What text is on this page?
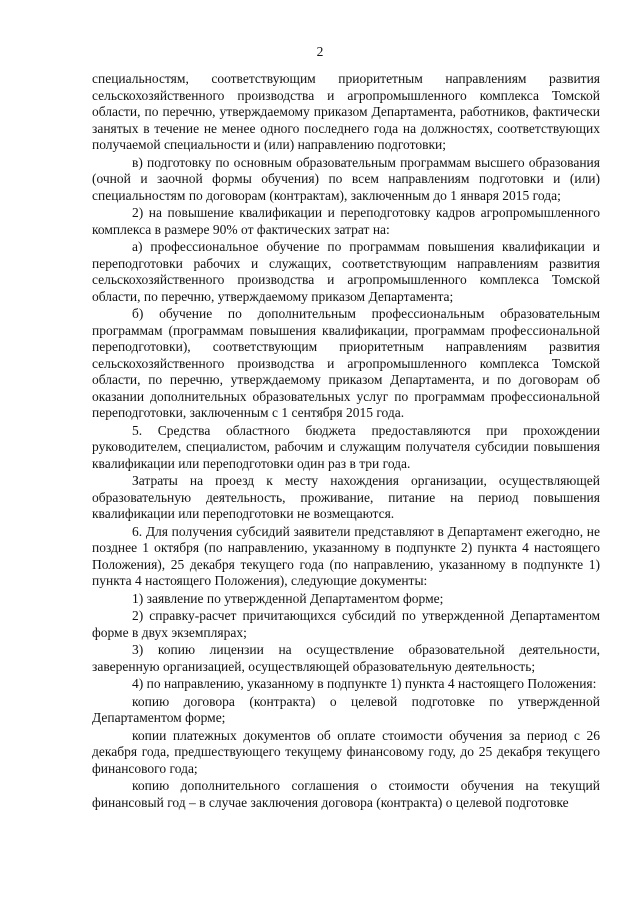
2

специальностям, соответствующим приоритетным направлениям развития сельскохозяйственного производства и агропромышленного комплекса Томской области, по перечню, утверждаемому приказом Департамента, работников, фактически занятых в течение не менее одного последнего года на должностях, соответствующих получаемой специальности и (или) направлению подготовки;

в) подготовку по основным образовательным программам высшего образования (очной и заочной формы обучения) по всем направлениям подготовки и (или) специальностям по договорам (контрактам), заключенным до 1 января 2015 года;

2) на повышение квалификации и переподготовку кадров агропромышленного комплекса в размере 90% от фактических затрат на:

а) профессиональное обучение по программам повышения квалификации и переподготовки рабочих и служащих, соответствующим направлениям развития сельскохозяйственного производства и агропромышленного комплекса Томской области, по перечню, утверждаемому приказом Департамента;

б) обучение по дополнительным профессиональным образовательным программам (программам повышения квалификации, программам профессиональной переподготовки), соответствующим приоритетным направлениям развития сельскохозяйственного производства и агропромышленного комплекса Томской области, по перечню, утверждаемому приказом Департамента, и по договорам об оказании дополнительных образовательных услуг по программам профессиональной переподготовки, заключенным с 1 сентября 2015 года.

5. Средства областного бюджета предоставляются при прохождении руководителем, специалистом, рабочим и служащим получателя субсидии повышения квалификации или переподготовки один раз в три года.

Затраты на проезд к месту нахождения организации, осуществляющей образовательную деятельность, проживание, питание на период повышения квалификации или переподготовки не возмещаются.

6. Для получения субсидий заявители представляют в Департамент ежегодно, не позднее 1 октября (по направлению, указанному в подпункте 2) пункта 4 настоящего Положения), 25 декабря текущего года (по направлению, указанному в подпункте 1) пункта 4 настоящего Положения), следующие документы:

1) заявление по утвержденной Департаментом форме;

2) справку-расчет причитающихся субсидий по утвержденной Департаментом форме в двух экземплярах;

3) копию лицензии на осуществление образовательной деятельности, заверенную организацией, осуществляющей образовательную деятельность;

4) по направлению, указанному в подпункте 1) пункта 4 настоящего Положения:

копию договора (контракта) о целевой подготовке по утвержденной Департаментом форме;

копии платежных документов об оплате стоимости обучения за период с 26 декабря года, предшествующего текущему финансовому году, до 25 декабря текущего финансового года;

копию дополнительного соглашения о стоимости обучения на текущий финансовый год – в случае заключения договора (контракта) о целевой подготовке
